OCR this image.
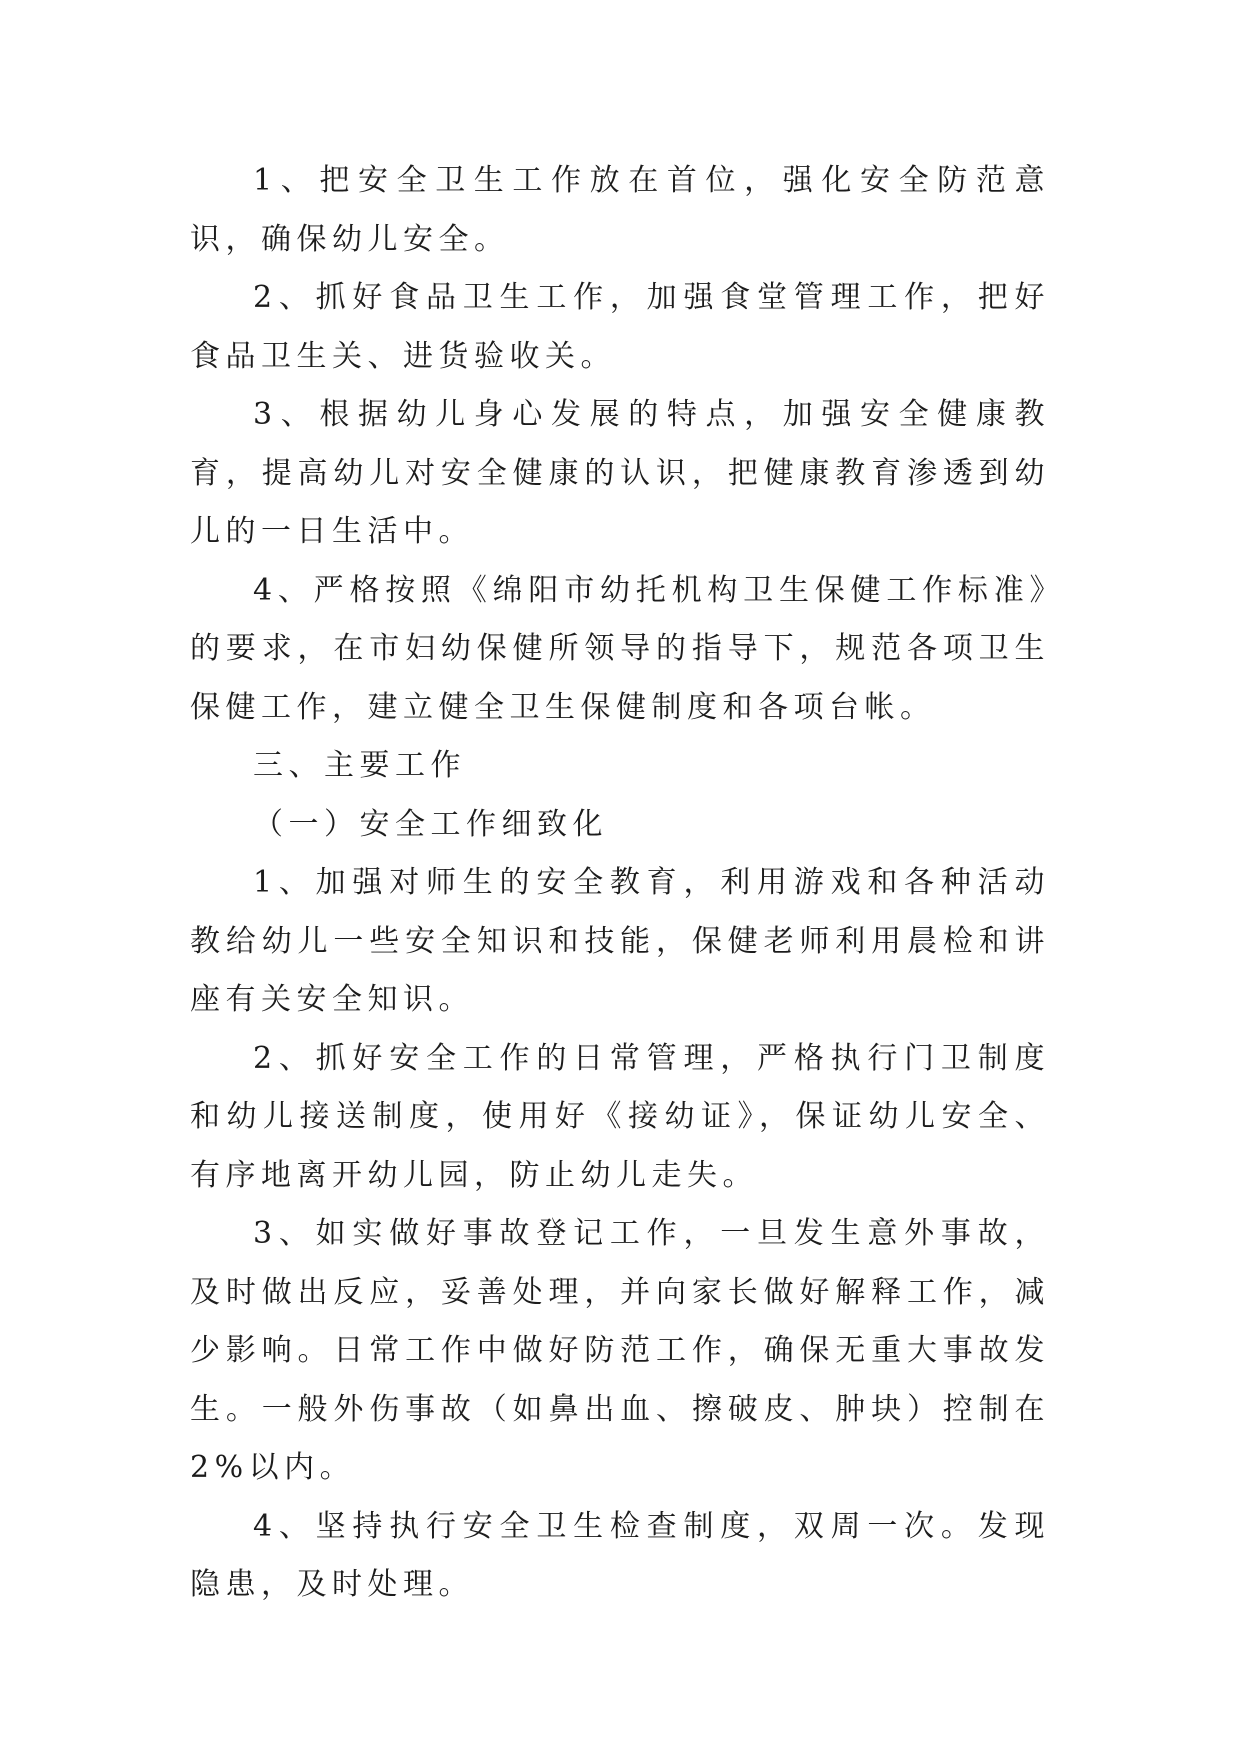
1、把安全卫生工作放在首位，强化安全防范意识，确保幼儿安全。

2、抓好食品卫生工作，加强食堂管理工作，把好食品卫生关、进货验收关。

3、根据幼儿身心发展的特点，加强安全健康教育，提高幼儿对安全健康的认识，把健康教育渗透到幼儿的一日生活中。

4、严格按照《绵阳市幼托机构卫生保健工作标准》的要求，在市妇幼保健所领导的指导下，规范各项卫生保健工作，建立健全卫生保健制度和各项台帐。

三、主要工作

（一）安全工作细致化

1、加强对师生的安全教育，利用游戏和各种活动教给幼儿一些安全知识和技能，保健老师利用晨检和讲座有关安全知识。

2、抓好安全工作的日常管理，严格执行门卫制度和幼儿接送制度，使用好《接幼证》，保证幼儿安全、有序地离开幼儿园，防止幼儿走失。

3、如实做好事故登记工作，一旦发生意外事故，及时做出反应，妥善处理，并向家长做好解释工作，减少影响。日常工作中做好防范工作，确保无重大事故发生。一般外伤事故（如鼻出血、擦破皮、肿块）控制在2%以内。

4、坚持执行安全卫生检查制度，双周一次。发现隐患，及时处理。
